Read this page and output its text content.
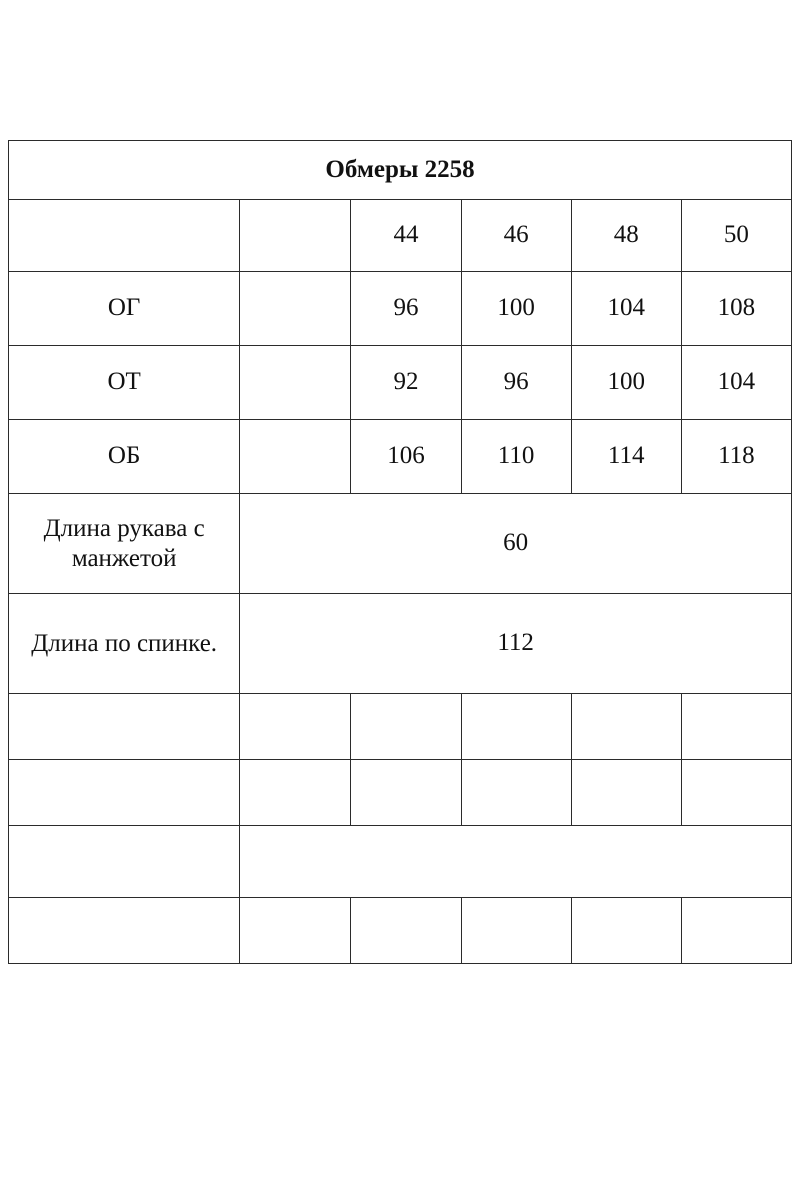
Обмеры 2258					
		44	46	48	50
ОГ		96	100	104	108
ОТ		92	96	100	104
ОБ		106	110	114	118
Длина рукава с манжетой	60				
Длина по спинке.	112				
